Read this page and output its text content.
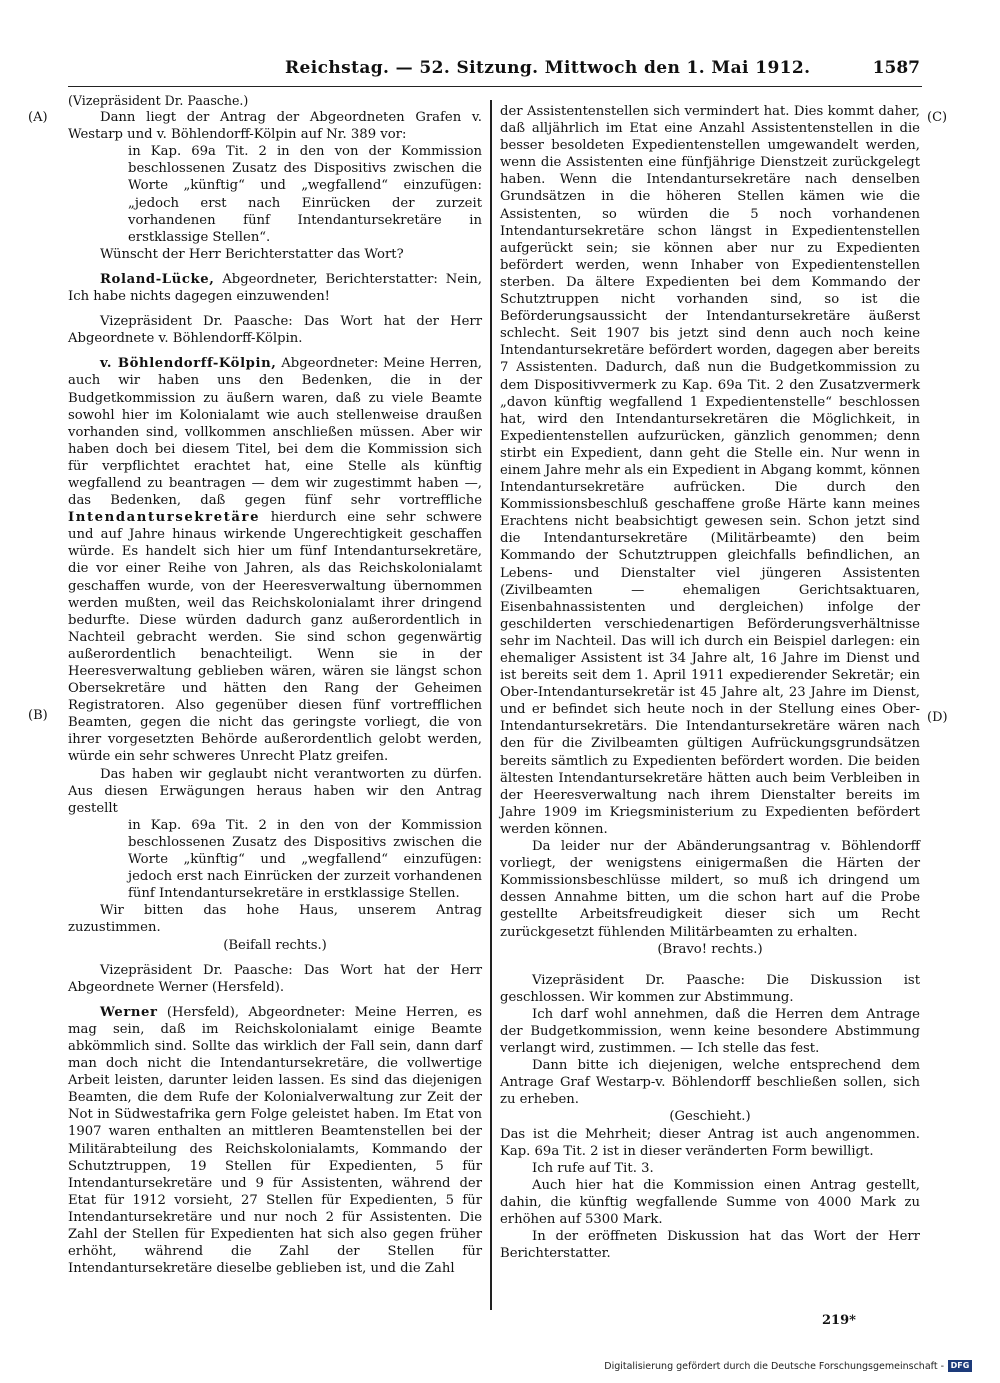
Reichstag. — 52. Sitzung. Mittwoch den 1. Mai 1912.	1587
(A)
(B)
(C)
(D)

(Vizepräsident Dr. Paasche.)

Dann liegt der Antrag der Abgeordneten Grafen v. Westarp und v. Böhlendorff-Kölpin auf Nr. 389 vor:

in Kap. 69a Tit. 2 in den von der Kommission beschlossenen Zusatz des Dispositivs zwischen die Worte „künftig“ und „wegfallend“ einzufügen: „jedoch erst nach Einrücken der zurzeit vorhandenen fünf Intendantursekretäre in erstklassige Stellen“.

Wünscht der Herr Berichterstatter das Wort?

Roland-Lücke, Abgeordneter, Berichterstatter: Nein, Ich habe nichts dagegen einzuwenden!

Vizepräsident Dr. Paasche: Das Wort hat der Herr Abgeordnete v. Böhlendorff-Kölpin.

v. Böhlendorff-Kölpin, Abgeordneter: Meine Herren, auch wir haben uns den Bedenken, die in der Budgetkommission zu äußern waren, daß zu viele Beamte sowohl hier im Kolonialamt wie auch stellenweise draußen vorhanden sind, vollkommen anschließen müssen. Aber wir haben doch bei diesem Titel, bei dem die Kommission sich für verpflichtet erachtet hat, eine Stelle als künftig wegfallend zu beantragen — dem wir zugestimmt haben —, das Bedenken, daß gegen fünf sehr vortreffliche Intendantursekretäre hierdurch eine sehr schwere und auf Jahre hinaus wirkende Ungerechtigkeit geschaffen würde. Es handelt sich hier um fünf Intendantursekretäre, die vor einer Reihe von Jahren, als das Reichskolonialamt geschaffen wurde, von der Heeresverwaltung übernommen werden mußten, weil das Reichskolonialamt ihrer dringend bedurfte. Diese würden dadurch ganz außerordentlich in Nachteil gebracht werden. Sie sind schon gegenwärtig außerordentlich benachteiligt. Wenn sie in der Heeresverwaltung geblieben wären, wären sie längst schon Obersekretäre und hätten den Rang der Geheimen Registratoren. Also gegenüber diesen fünf vortrefflichen Beamten, gegen die nicht das geringste vorliegt, die von ihrer vorgesetzten Behörde außerordentlich gelobt werden, würde ein sehr schweres Unrecht Platz greifen.

Das haben wir geglaubt nicht verantworten zu dürfen. Aus diesen Erwägungen heraus haben wir den Antrag gestellt

in Kap. 69a Tit. 2 in den von der Kommission beschlossenen Zusatz des Dispositivs zwischen die Worte „künftig“ und „wegfallend“ einzufügen: jedoch erst nach Einrücken der zurzeit vorhandenen fünf Intendantursekretäre in erstklassige Stellen.

Wir bitten das hohe Haus, unserem Antrag zuzustimmen.

(Beifall rechts.)

Vizepräsident Dr. Paasche: Das Wort hat der Herr Abgeordnete Werner (Hersfeld).

Werner (Hersfeld), Abgeordneter: Meine Herren, es mag sein, daß im Reichskolonialamt einige Beamte abkömmlich sind. Sollte das wirklich der Fall sein, dann darf man doch nicht die Intendantursekretäre, die vollwertige Arbeit leisten, darunter leiden lassen. Es sind das diejenigen Beamten, die dem Rufe der Kolonialverwaltung zur Zeit der Not in Südwestafrika gern Folge geleistet haben. Im Etat von 1907 waren enthalten an mittleren Beamtenstellen bei der Militärabteilung des Reichskolonialamts, Kommando der Schutztruppen, 19 Stellen für Expedienten, 5 für Intendantursekretäre und 9 für Assistenten, während der Etat für 1912 vorsieht, 27 Stellen für Expedienten, 5 für Intendantursekretäre und nur noch 2 für Assistenten. Die Zahl der Stellen für Expedienten hat sich also gegen früher erhöht, während die Zahl der Stellen für Intendantursekretäre dieselbe geblieben ist, und die Zahl

der Assistentenstellen sich vermindert hat. Dies kommt daher, daß alljährlich im Etat eine Anzahl Assistentenstellen in die besser besoldeten Expedientenstellen umgewandelt werden, wenn die Assistenten eine fünfjährige Dienstzeit zurückgelegt haben. Wenn die Intendantursekretäre nach denselben Grundsätzen in die höheren Stellen kämen wie die Assistenten, so würden die 5 noch vorhandenen Intendantursekretäre schon längst in Expedientenstellen aufgerückt sein; sie können aber nur zu Expedienten befördert werden, wenn Inhaber von Expedientenstellen sterben. Da ältere Expedienten bei dem Kommando der Schutztruppen nicht vorhanden sind, so ist die Beförderungsaussicht der Intendantursekretäre äußerst schlecht. Seit 1907 bis jetzt sind denn auch noch keine Intendantursekretäre befördert worden, dagegen aber bereits 7 Assistenten. Dadurch, daß nun die Budgetkommission zu dem Dispositivvermerk zu Kap. 69a Tit. 2 den Zusatzvermerk „davon künftig wegfallend 1 Expedientenstelle“ beschlossen hat, wird den Intendantursekretären die Möglichkeit, in Expedientenstellen aufzurücken, gänzlich genommen; denn stirbt ein Expedient, dann geht die Stelle ein. Nur wenn in einem Jahre mehr als ein Expedient in Abgang kommt, können Intendantursekretäre aufrücken. Die durch den Kommissionsbeschluß geschaffene große Härte kann meines Erachtens nicht beabsichtigt gewesen sein. Schon jetzt sind die Intendantursekretäre (Militärbeamte) den beim Kommando der Schutztruppen gleichfalls befindlichen, an Lebens- und Dienstalter viel jüngeren Assistenten (Zivilbeamten — ehemaligen Gerichtsaktuaren, Eisenbahnassistenten und dergleichen) infolge der geschilderten verschiedenartigen Beförderungsverhältnisse sehr im Nachteil. Das will ich durch ein Beispiel darlegen: ein ehemaliger Assistent ist 34 Jahre alt, 16 Jahre im Dienst und ist bereits seit dem 1. April 1911 expedierender Sekretär; ein Ober-Intendantursekretär ist 45 Jahre alt, 23 Jahre im Dienst, und er befindet sich heute noch in der Stellung eines Ober-Intendantursekretärs. Die Intendantursekretäre wären nach den für die Zivilbeamten gültigen Aufrückungsgrundsätzen bereits sämtlich zu Expedienten befördert worden. Die beiden ältesten Intendantursekretäre hätten auch beim Verbleiben in der Heeresverwaltung nach ihrem Dienstalter bereits im Jahre 1909 im Kriegsministerium zu Expedienten befördert werden können.

Da leider nur der Abänderungsantrag v. Böhlendorff vorliegt, der wenigstens einigermaßen die Härten der Kommissionsbeschlüsse mildert, so muß ich dringend um dessen Annahme bitten, um die schon hart auf die Probe gestellte Arbeitsfreudigkeit dieser sich um Recht zurückgesetzt fühlenden Militärbeamten zu erhalten.

(Bravo! rechts.)

Vizepräsident Dr. Paasche: Die Diskussion ist geschlossen. Wir kommen zur Abstimmung.

Ich darf wohl annehmen, daß die Herren dem Antrage der Budgetkommission, wenn keine besondere Abstimmung verlangt wird, zustimmen. — Ich stelle das fest.

Dann bitte ich diejenigen, welche entsprechend dem Antrage Graf Westarp-v. Böhlendorff beschließen sollen, sich zu erheben.

(Geschieht.)

Das ist die Mehrheit; dieser Antrag ist auch angenommen. Kap. 69a Tit. 2 ist in dieser veränderten Form bewilligt.

Ich rufe auf Tit. 3.

Auch hier hat die Kommission einen Antrag gestellt, dahin, die künftig wegfallende Summe von 4000 Mark zu erhöhen auf 5300 Mark.

In der eröffneten Diskussion hat das Wort der Herr Berichterstatter.

219*
Digitalisierung gefördert durch die Deutsche Forschungsgemeinschaft - DFG
